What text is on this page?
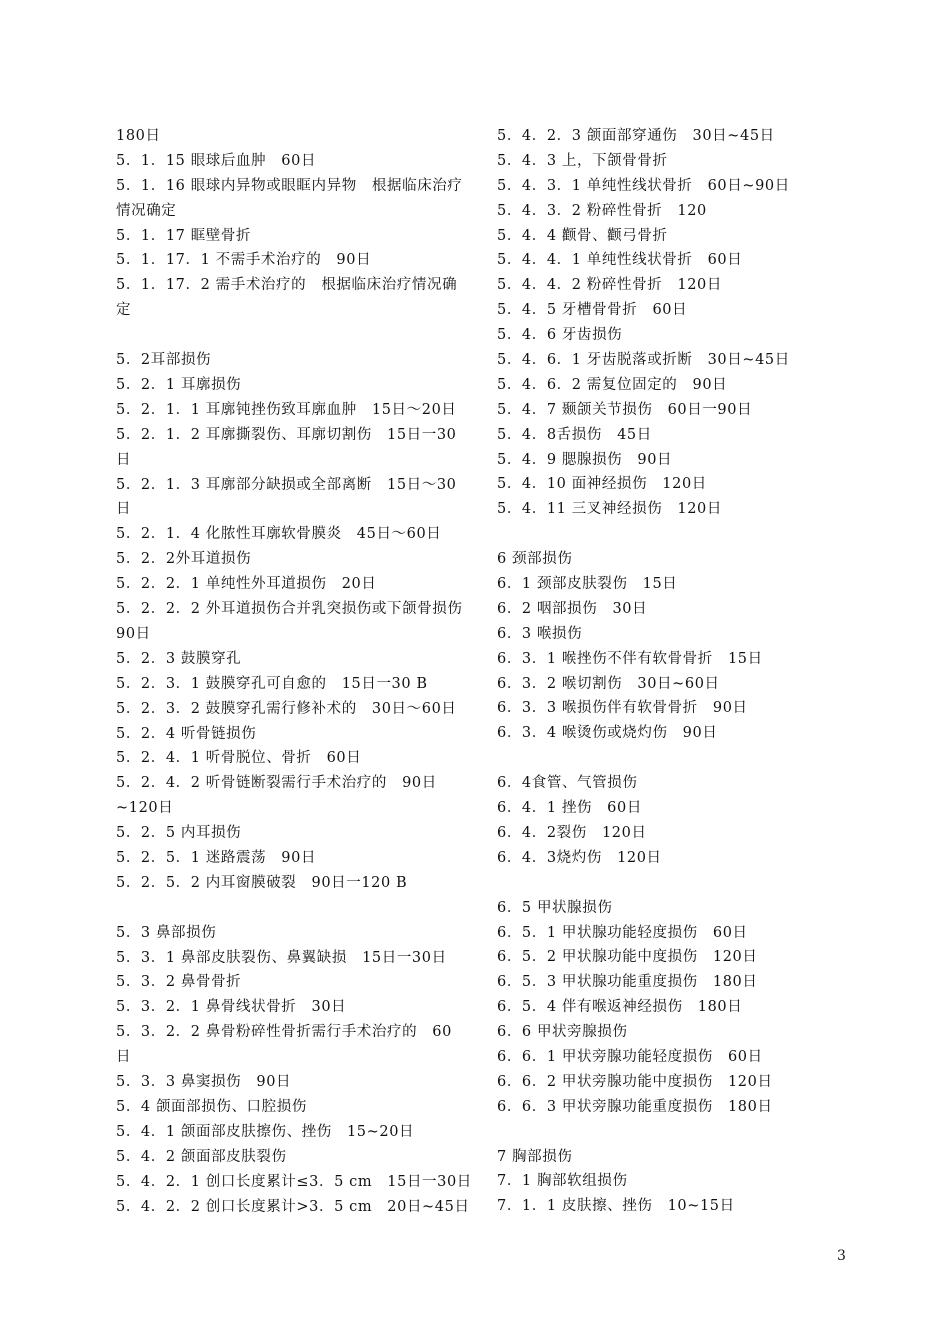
180日
5．1．15 眼球后血肿　60日
5．1．16 眼球内异物或眼眶内异物　根据临床治疗情况确定
5．1．17 眶壁骨折
5．1．17．1 不需手术治疗的　90日
5．1．17．2 需手术治疗的　根据临床治疗情况确定
5．2耳部损伤
5．2．1 耳廓损伤
5．2．1．1 耳廓钝挫伤致耳廓血肿　15日～20日
5．2．1．2 耳廓撕裂伤、耳廓切割伤　15日一30日
5．2．1．3 耳廓部分缺损或全部离断　15日～30日
5．2．1．4 化脓性耳廓软骨膜炎　45日～60日
5．2．2外耳道损伤
5．2．2．1 单纯性外耳道损伤　20日
5．2．2．2 外耳道损伤合并乳突损伤或下颌骨损伤　90日
5．2．3 鼓膜穿孔
5．2．3．1 鼓膜穿孔可自愈的　15日一30 B
5．2．3．2 鼓膜穿孔需行修补术的　30日～60日
5．2．4 听骨链损伤
5．2．4．1 听骨脱位、骨折　60日
5．2．4．2 听骨链断裂需行手术治疗的　90日~120日
5．2．5 内耳损伤
5．2．5．1 迷路震荡　90日
5．2．5．2 内耳窗膜破裂　90日一120 B
5．3 鼻部损伤
5．3．1 鼻部皮肤裂伤、鼻翼缺损　15日一30日
5．3．2 鼻骨骨折
5．3．2．1 鼻骨线状骨折　30日
5．3．2．2 鼻骨粉碎性骨折需行手术治疗的　60日
5．3．3 鼻窦损伤　90日
5．4 颌面部损伤、口腔损伤
5．4．1 颌面部皮肤擦伤、挫伤　15~20日
5．4．2 颌面部皮肤裂伤
5．4．2．1 创口长度累计≤3．5 cm　15日一30日
5．4．2．2 创口长度累计>3．5 cm　20日~45日
5．4．2．3 颌面部穿通伤　30日~45日
5．4．3 上，下颌骨骨折
5．4．3．1 单纯性线状骨折　60日~90日
5．4．3．2 粉碎性骨折　120
5．4．4 颧骨、颧弓骨折
5．4．4．1 单纯性线状骨折　60日
5．4．4．2 粉碎性骨折　120日
5．4．5 牙槽骨骨折　60日
5．4．6 牙齿损伤
5．4．6．1 牙齿脱落或折断　30日~45日
5．4．6．2 需复位固定的　90日
5．4．7 颞颌关节损伤　60日一90日
5．4．8舌损伤　45日
5．4．9 腮腺损伤　90日
5．4．10 面神经损伤　120日
5．4．11 三叉神经损伤　120日
6 颈部损伤
6．1 颈部皮肤裂伤　15日
6．2 咽部损伤　30日
6．3 喉损伤
6．3．1 喉挫伤不伴有软骨骨折　15日
6．3．2 喉切割伤　30日~60日
6．3．3 喉损伤伴有软骨骨折　90日
6．3．4 喉烫伤或烧灼伤　90日
6．4食管、气管损伤
6．4．1 挫伤　60日
6．4．2裂伤　120日
6．4．3烧灼伤　120日
6．5 甲状腺损伤
6．5．1 甲状腺功能轻度损伤　60日
6．5．2 甲状腺功能中度损伤　120日
6．5．3 甲状腺功能重度损伤　180日
6．5．4 伴有喉返神经损伤　180日
6．6 甲状旁腺损伤
6．6．1 甲状旁腺功能轻度损伤　60日
6．6．2 甲状旁腺功能中度损伤　120日
6．6．3 甲状旁腺功能重度损伤　180日
7 胸部损伤
7．1 胸部软组损伤
7．1．1 皮肤擦、挫伤　10~15日
3
